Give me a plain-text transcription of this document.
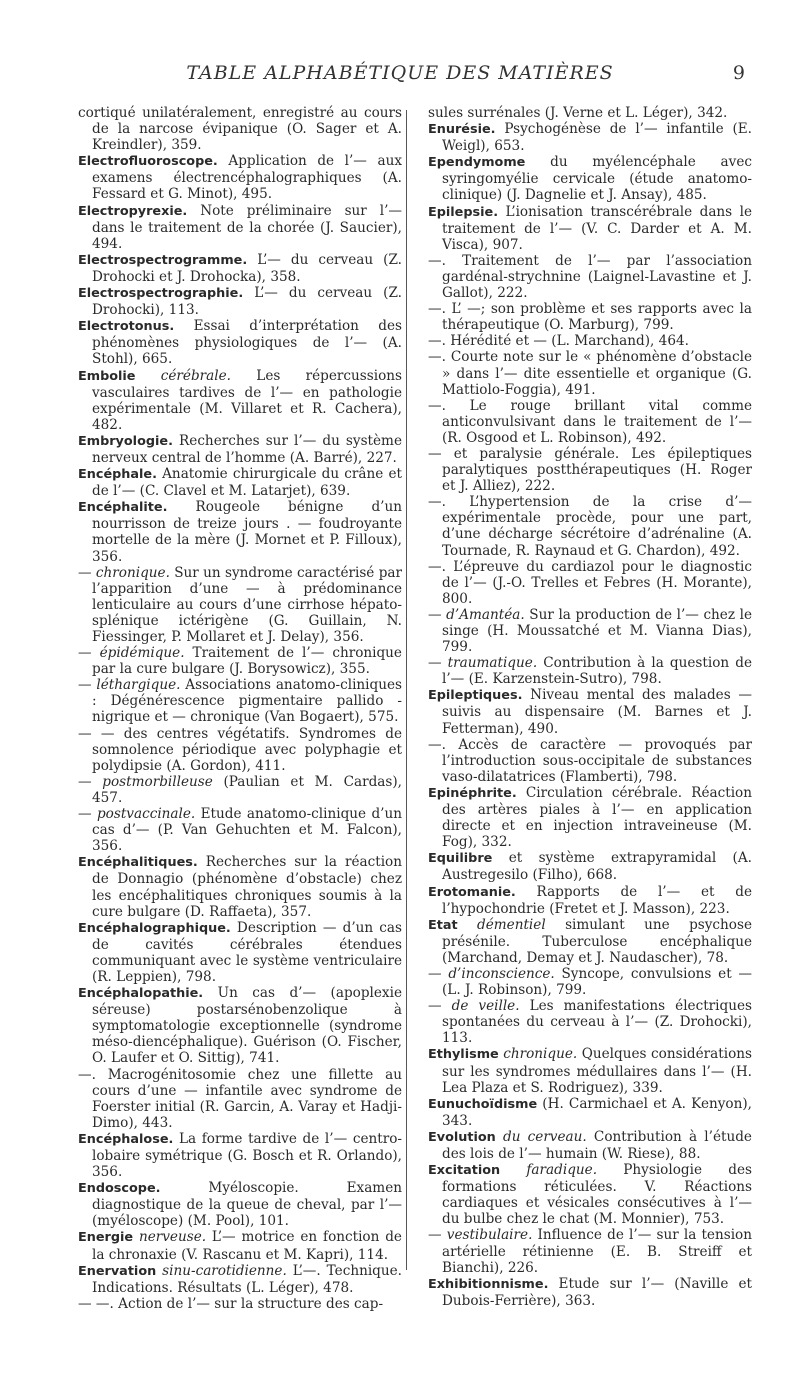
TABLE ALPHABÉTIQUE DES MATIÈRES	9

cortiqué unilatéralement, enregistré au cours de la narcose évipanique (O. Sager et A. Kreindler), 359.

Electrofluoroscope. Application de l’— aux examens électrencéphalographiques (A. Fessard et G. Minot), 495.

Electropyrexie. Note préliminaire sur l’— dans le traitement de la chorée (J. Saucier), 494.

Electrospectrogramme. L’— du cerveau (Z. Drohocki et J. Drohocka), 358.

Electrospectrographie. L’— du cerveau (Z. Drohocki), 113.

Electrotonus. Essai d’interprétation des phénomènes physiologiques de l’— (A. Stohl), 665.

Embolie cérébrale. Les répercussions vasculaires tardives de l’— en pathologie expérimentale (M. Villaret et R. Cachera), 482.

Embryologie. Recherches sur l’— du système nerveux central de l’homme (A. Barré), 227.

Encéphale. Anatomie chirurgicale du crâne et de l’— (C. Clavel et M. Latarjet), 639.

Encéphalite. Rougeole bénigne d’un nourrisson de treize jours . — foudroyante mortelle de la mère (J. Mornet et P. Filloux), 356.

— chronique. Sur un syndrome caractérisé par l’apparition d’une — à prédominance lenticulaire au cours d’une cirrhose hépato-splénique ictérigène (G. Guillain, N. Fiessinger, P. Mollaret et J. Delay), 356.

— épidémique. Traitement de l’— chronique par la cure bulgare (J. Borysowicz), 355.

— léthargique. Associations anatomo-cliniques : Dégénérescence pigmentaire pallido - nigrique et — chronique (Van Bogaert), 575.

— — des centres végétatifs. Syndromes de somnolence périodique avec polyphagie et polydipsie (A. Gordon), 411.

— postmorbilleuse (Paulian et M. Cardas), 457.

— postvaccinale. Etude anatomo-clinique d’un cas d’— (P. Van Gehuchten et M. Falcon), 356.

Encéphalitiques. Recherches sur la réaction de Donnagio (phénomène d’obstacle) chez les encéphalitiques chroniques soumis à la cure bulgare (D. Raffaeta), 357.

Encéphalographique. Description — d’un cas de cavités cérébrales étendues communiquant avec le système ventriculaire (R. Leppien), 798.

Encéphalopathie. Un cas d’— (apoplexie séreuse) postarsénobenzolique à symptomatologie exceptionnelle (syndrome méso-diencéphalique). Guérison (O. Fischer, O. Laufer et O. Sittig), 741.

—. Macrogénitosomie chez une fillette au cours d’une — infantile avec syndrome de Foerster initial (R. Garcin, A. Varay et Hadji-Dimo), 443.

Encéphalose. La forme tardive de l’— centro-lobaire symétrique (G. Bosch et R. Orlando), 356.

Endoscope. Myéloscopie. Examen diagnostique de la queue de cheval, par l’— (myéloscope) (M. Pool), 101.

Energie nerveuse. L’— motrice en fonction de la chronaxie (V. Rascanu et M. Kapri), 114.

Enervation sinu-carotidienne. L’—. Technique. Indications. Résultats (L. Léger), 478.

— —. Action de l’— sur la structure des cap-

sules surrénales (J. Verne et L. Léger), 342.

Enurésie. Psychogénèse de l’— infantile (E. Weigl), 653.

Ependymome du myélencéphale avec syringomyélie cervicale (étude anatomo-clinique) (J. Dagnelie et J. Ansay), 485.

Epilepsie. L’ionisation transcérébrale dans le traitement de l’— (V. C. Darder et A. M. Visca), 907.

—. Traitement de l’— par l’association gardénal-strychnine (Laignel-Lavastine et J. Gallot), 222.

—. L’ —; son problème et ses rapports avec la thérapeutique (O. Marburg), 799.

—. Hérédité et — (L. Marchand), 464.

—. Courte note sur le « phénomène d’obstacle » dans l’— dite essentielle et organique (G. Mattiolo-Foggia), 491.

—. Le rouge brillant vital comme anticonvulsivant dans le traitement de l’— (R. Osgood et L. Robinson), 492.

— et paralysie générale. Les épileptiques paralytiques postthérapeutiques (H. Roger et J. Alliez), 222.

—. L’hypertension de la crise d’— expérimentale procède, pour une part, d’une décharge sécrétoire d’adrénaline (A. Tournade, R. Raynaud et G. Chardon), 492.

—. L’épreuve du cardiazol pour le diagnostic de l’— (J.-O. Trelles et Febres (H. Morante), 800.

— d’Amantéa. Sur la production de l’— chez le singe (H. Moussatché et M. Vianna Dias), 799.

— traumatique. Contribution à la question de l’— (E. Karzenstein-Sutro), 798.

Epileptiques. Niveau mental des malades — suivis au dispensaire (M. Barnes et J. Fetterman), 490.

—. Accès de caractère — provoqués par l’introduction sous-occipitale de substances vaso-dilatatrices (Flamberti), 798.

Epinéphrite. Circulation cérébrale. Réaction des artères piales à l’— en application directe et en injection intraveineuse (M. Fog), 332.

Equilibre et système extrapyramidal (A. Austregesilo (Filho), 668.

Erotomanie. Rapports de l’— et de l’hypochondrie (Fretet et J. Masson), 223.

Etat démentiel simulant une psychose présénile. Tuberculose encéphalique (Marchand, Demay et J. Naudascher), 78.

— d’inconscience. Syncope, convulsions et — (L. J. Robinson), 799.

— de veille. Les manifestations électriques spontanées du cerveau à l’— (Z. Drohocki), 113.

Ethylisme chronique. Quelques considérations sur les syndromes médullaires dans l’— (H. Lea Plaza et S. Rodriguez), 339.

Eunuchoïdisme (H. Carmichael et A. Kenyon), 343.

Evolution du cerveau. Contribution à l’étude des lois de l’— humain (W. Riese), 88.

Excitation faradique. Physiologie des formations réticulées. V. Réactions cardiaques et vésicales consécutives à l’— du bulbe chez le chat (M. Monnier), 753.

— vestibulaire. Influence de l’— sur la tension artérielle rétinienne (E. B. Streiff et Bianchi), 226.

Exhibitionnisme. Etude sur l’— (Naville et Dubois-Ferrière), 363.
